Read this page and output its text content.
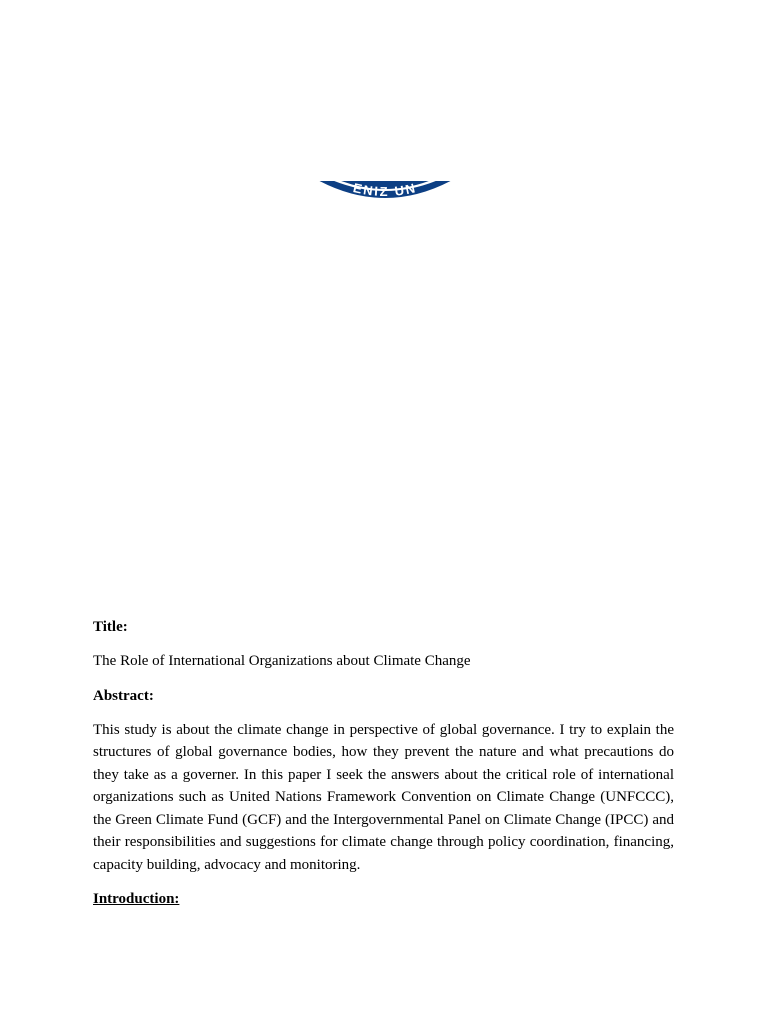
ENIZ UN

Title:

The Role of International Organizations about Climate Change

Abstract:

This study is about the climate change in perspective of global governance. I try to explain the structures of global governance bodies, how they prevent the nature and what precautions do they take as a governer. In this paper I seek the answers about the critical role of international organizations such as United Nations Framework Convention on Climate Change (UNFCCC), the Green Climate Fund (GCF) and the Intergovernmental Panel on Climate Change (IPCC) and their responsibilities and suggestions for climate change through policy coordination, financing, capacity building, advocacy and monitoring.

Introduction:
